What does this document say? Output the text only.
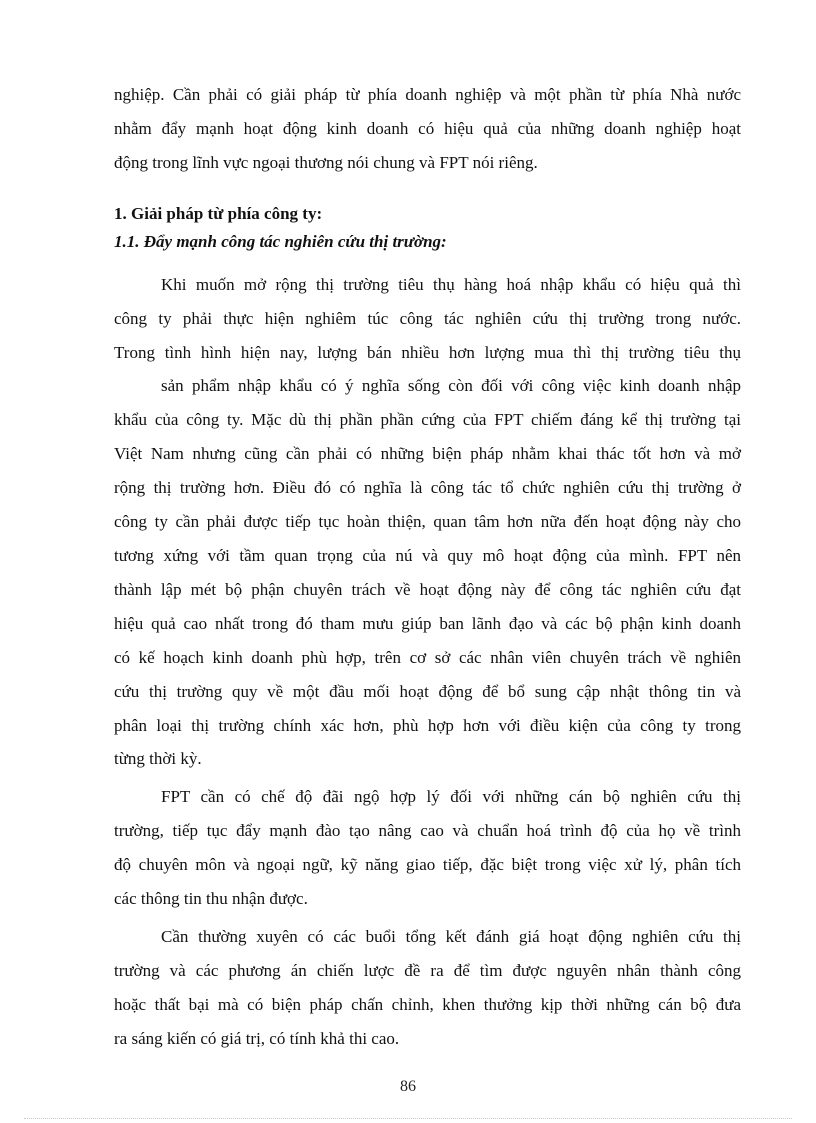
nghiệp. Cần phải có giải pháp từ phía doanh nghiệp và một phần từ phía Nhà nước
nhằm đẩy mạnh hoạt động kinh doanh có hiệu quả của những doanh nghiệp hoạt
động trong lĩnh vực ngoại thương nói chung và FPT nói riêng.
1. Giải pháp từ phía công ty:
1.1. Đẩy mạnh công tác nghiên cứu thị trường:
Khi muốn mở rộng thị trường tiêu thụ hàng hoá nhập khẩu có hiệu quả thì
công ty phải thực hiện nghiêm túc công tác nghiên cứu thị trường trong nước.
Trong tình hình hiện nay, lượng bán nhiều hơn lượng mua thì thị trường tiêu thụ
sản phẩm nhập khẩu có ý nghĩa sống còn đối với công việc kinh doanh nhập
khẩu của công ty. Mặc dù thị phần phần cứng của FPT chiếm đáng kể thị trường tại
Việt Nam nhưng cũng cần phải có những biện pháp nhằm khai thác tốt hơn và mở
rộng thị trường hơn. Điều đó có nghĩa là công tác tổ chức nghiên cứu thị trường ở
công ty cần phải được tiếp tục hoàn thiện, quan tâm hơn nữa đến hoạt động này cho
tương xứng với tầm quan trọng của nú và quy mô hoạt động của mình. FPT nên
thành lập mét bộ phận chuyên trách về hoạt động này để công tác nghiên cứu đạt
hiệu quả cao nhất trong đó tham mưu giúp ban lãnh đạo và các bộ phận kinh doanh
có kế hoạch kinh doanh phù hợp, trên cơ sở các nhân viên chuyên trách về nghiên
cứu thị trường quy về một đầu mối hoạt động để bổ sung cập nhật thông tin và
phân loại thị trường chính xác hơn, phù hợp hơn với điều kiện của công ty trong
từng thời kỳ.
FPT cần có chế độ đãi ngộ hợp lý đối với những cán bộ nghiên cứu thị
trường, tiếp tục đẩy mạnh đào tạo nâng cao và chuẩn hoá trình độ của họ về trình
độ chuyên môn và ngoại ngữ, kỹ năng giao tiếp, đặc biệt trong việc xử lý, phân tích
các thông tin thu nhận được.
Cần thường xuyên có các buổi tổng kết đánh giá hoạt động nghiên cứu thị
trường và các phương án chiến lược đề ra để tìm được nguyên nhân thành công
hoặc thất bại mà có biện pháp chấn chỉnh, khen thưởng kịp thời những cán bộ đưa
ra sáng kiến có giá trị, có tính khả thi cao.
86
